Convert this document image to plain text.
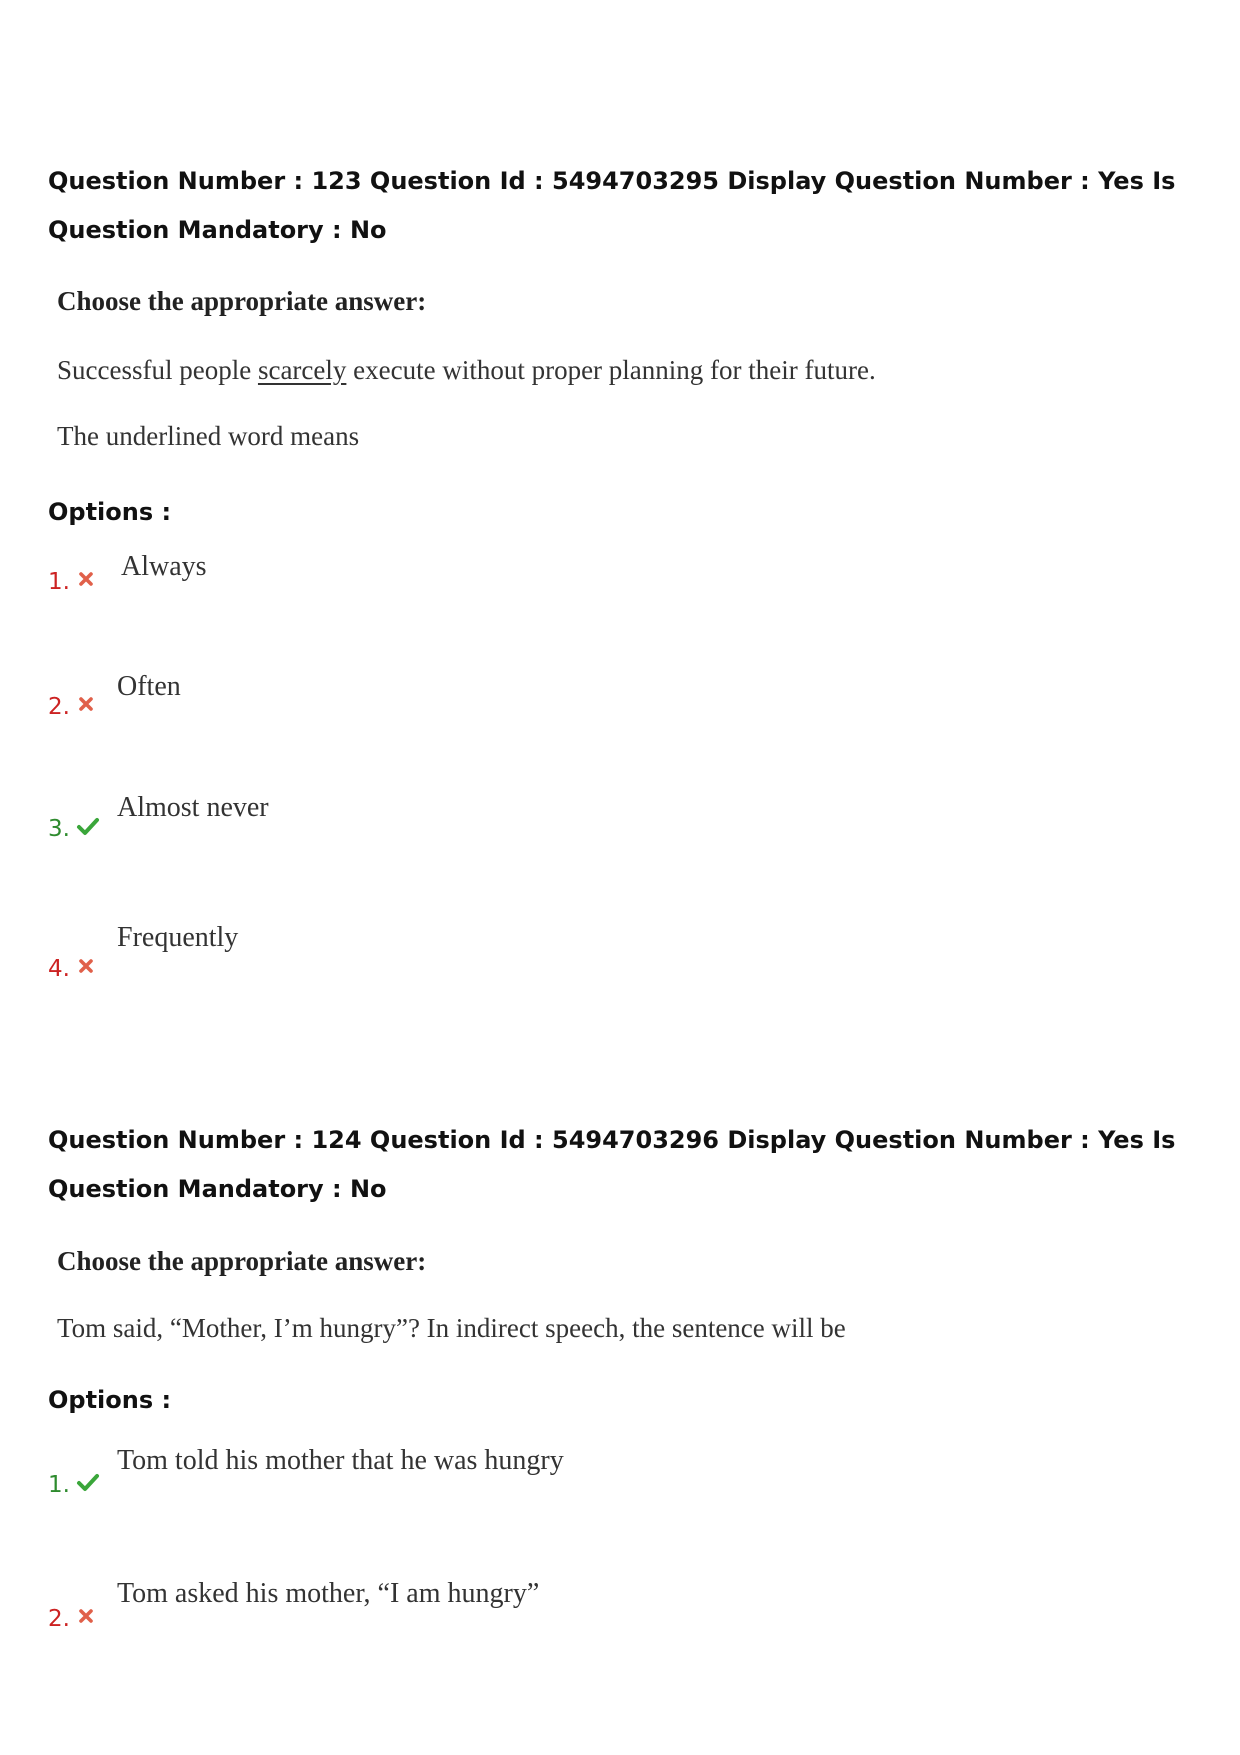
Question Number : 123 Question Id : 5494703295 Display Question Number : Yes Is Question Mandatory : No
Choose the appropriate answer:
Successful people scarcely execute without proper planning for their future.
The underlined word means
Options :
1. Always
2.
Often
3.
Almost never
4.
Frequently
Question Number : 124 Question Id : 5494703296 Display Question Number : Yes Is Question Mandatory : No
Choose the appropriate answer:
Tom said, “Mother, I’m hungry”? In indirect speech, the sentence will be
Options :
1.
Tom told his mother that he was hungry
2.
Tom asked his mother, “I am hungry”
